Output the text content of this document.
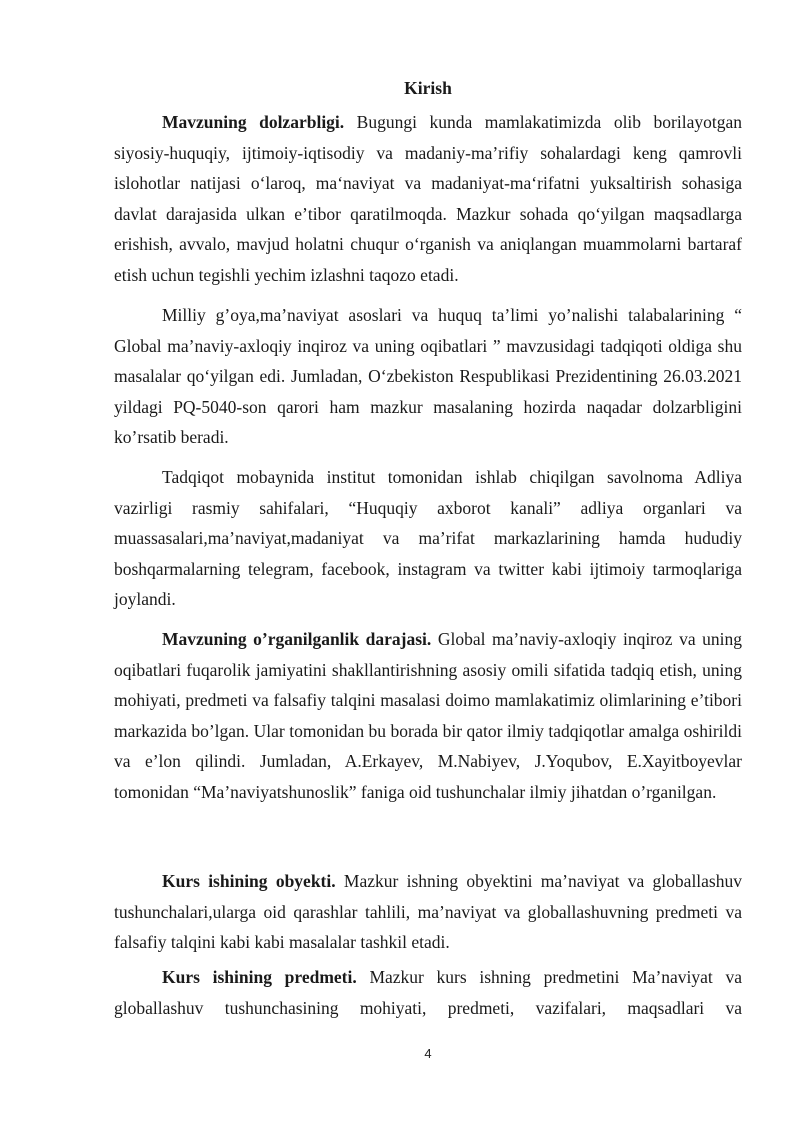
Kirish

Mavzuning dolzarbligi. Bugungi kunda mamlakatimizda olib borilayotgan siyosiy-huquqiy, ijtimoiy-iqtisodiy va madaniy-maʼrifiy sohalardagi keng qamrovli islohotlar natijasi oʻlaroq, maʻnaviyat va madaniyat-maʻrifatni yuksaltirish sohasiga davlat darajasida ulkan eʼtibor qaratilmoqda. Mazkur sohada qoʻyilgan maqsadlarga erishish, avvalo, mavjud holatni chuqur oʻrganish va aniqlangan muammolarni bartaraf etish uchun tegishli yechim izlashni taqozo etadi.

Milliy g’oya,ma’naviyat asoslari va huquq ta’limi yo’nalishi talabalarining “ Global ma’naviy-axloqiy inqiroz va uning oqibatlari ” mavzusidagi tadqiqoti oldiga shu masalalar qoʻyilgan edi. Jumladan, Oʻzbekiston Respublikasi Prezidentining 26.03.2021 yildagi PQ-5040-son qarori ham mazkur masalaning hozirda naqadar dolzarbligini ko’rsatib beradi.

Tadqiqot mobaynida institut tomonidan ishlab chiqilgan savolnoma Adliya vazirligi rasmiy sahifalari, “Huquqiy axborot kanali” adliya organlari va muassasalari,ma’naviyat,madaniyat va ma’rifat markazlarining hamda hududiy boshqarmalarning telegram, facebook, instagram va twitter kabi ijtimoiy tarmoqlariga joylandi.

Mavzuning o’rganilganlik darajasi. Global ma’naviy-axloqiy inqiroz va uning oqibatlari fuqarolik jamiyatini shakllantirishning asosiy omili sifatida tadqiq etish, uning mohiyati, predmeti va falsafiy talqini masalasi doimo mamlakatimiz olimlarining e’tibori markazida bo’lgan. Ular tomonidan bu borada bir qator ilmiy tadqiqotlar amalga oshirildi va e’lon qilindi. Jumladan, A.Erkayev, M.Nabiyev, J.Yoqubov, E.Xayitboyevlar tomonidan “Ma’naviyatshunoslik” faniga oid tushunchalar ilmiy jihatdan o’rganilgan.

Kurs ishining obyekti. Mazkur ishning obyektini ma’naviyat va globallashuv tushunchalari,ularga oid qarashlar tahlili, ma’naviyat va globallashuvning predmeti va falsafiy talqini kabi kabi masalalar tashkil etadi.

Kurs ishining predmeti. Mazkur kurs ishning predmetini Ma’naviyat va globallashuv tushunchasining mohiyati, predmeti, vazifalari, maqsadlari va

4
